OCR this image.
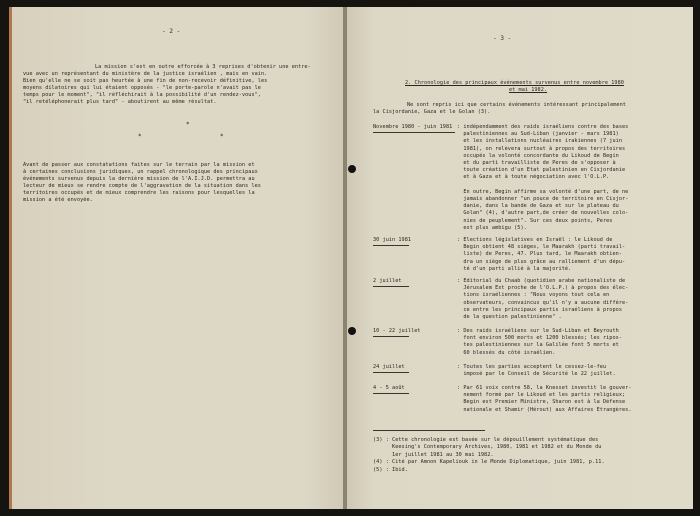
- 2 -
La mission s'est en outre efforcée à 3 reprises d'obtenir une entre-
vue avec un représentant du ministère de la justice israélien , mais en vain.
Bien qu'elle ne se soit pas heurtée à une fin de non-recevoir définitive, les
moyens dilatoires qui lui étaient opposés - "le porte-parole n'avait pas le
temps pour le moment", "il réfléchirait à la possibilité d'un rendez-vous",
"il retéléphonerait plus tard" - aboutirent au même résultat.
*
*	*
Avant de passer aux constatations faites sur le terrain par la mission et
à certaines conclusions juridiques, un rappel chronologique des principaux
événements survenus depuis la dernière mission de l'A.I.J.D. permettra au
lecteur de mieux se rendre compte de l'aggravation de la situation dans les
territoires occupés et de mieux comprendre les raisons pour lesquelles la
mission a été envoyée.
- 3 -
2. Chronologie des principaux événements survenus entre novembre 1980
et mai 1982.
Ne sont repris ici que certains événements intéressant principalement
la Cisjordanie, Gaza et le Golan (3).
Novembre 1980 - juin 1981 : indépendamment des raids israéliens contre des bases
palestiniennes au Sud-Liban (janvier - mars 1981)
et les installations nucléaires irakiennes (7 juin
1981), on relèvera surtout à propos des territoires
occupés la volonté concordante du Likoud de Begin
et du parti travailliste de Peres de s'opposer à
toute création d'un Etat palestinien en Cisjordanie
et à Gaza et à toute négociation avec l'O.L.P.
En outre, Begin affirme sa volonté d'une part, de ne
jamais abandonner "un pouce de territoire en Cisjor-
danie, dans la bande de Gaza et sur le plateau du
Golan" (4), d'autre part,de créer de nouvelles colo-
nies de peuplement". Sur ces deux points, Peres
est plus ambigu (5).
30 juin 1981	: Elections législatives en Israël : le Likoud de
Begin obtient 48 sièges, le Maarakh (parti travail-
liste) de Peres, 47. Plus tard, le Maarakh obtien-
dra un siège de plus grâce au ralliement d'un dépu-
té d'un parti allié à la majorité.
2 juillet	: Editorial du Chaab (quotidien arabe nationaliste de
Jérusalem Est proche de l'O.L.P.) à propos des élec-
tions israéliennes : "Nous voyons tout cela en
observateurs, convaincus qu'il n'y a aucune différe-
ce entre les principaux partis israéliens à propos
de la question palestinienne" .
10 - 22 juillet	: Des raids israéliens sur le Sud-Liban et Beyrouth
font environ 500 morts et 1200 blessés; les ripos-
tes palestiniennes sur la Galilée font 5 morts et
60 blessés du côté israélien.
24 juillet	: Toutes les parties acceptent le cessez-le-feu
imposé par le Conseil de Sécurité le 22 juillet.
4 - 5 août	: Par 61 voix contre 58, la Knesset investit le gouver-
nement formé par le Likoud et les partis religieux;
Begin est Premier Ministre, Sharon est à la Défense
nationale et Shamir (Hérout) aux Affaires Etrangères.
(3) : Cette chronologie est basée sur le dépouillement systématique des
Keesing's Contemporary Archives, 1980, 1981 et 1982 et du Monde du
1er juillet 1981 au 30 mai 1982.
(4) : Cité par Amnon Kapeliouk in le Monde Diplomatique, juin 1981, p.11.
(5) : Ibid.
